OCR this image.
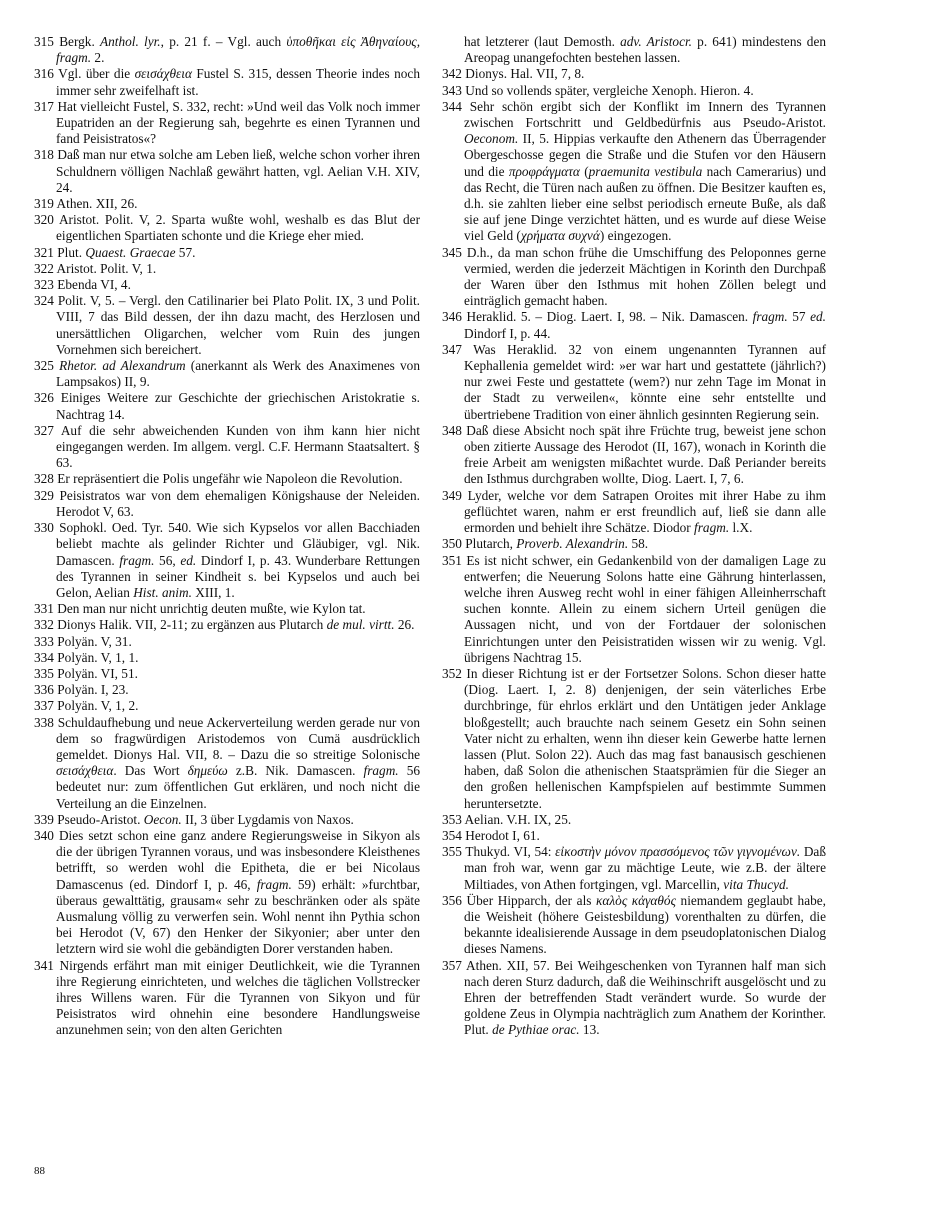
315 Bergk. Anthol. lyr., p. 21 f. – Vgl. auch ὑποθῆκαι εἰς Ἀθηναίους, fragm. 2.

316 Vgl. über die σεισάχθεια Fustel S. 315, dessen Theorie indes noch immer sehr zweifelhaft ist.

317 Hat vielleicht Fustel, S. 332, recht: »Und weil das Volk noch immer Eupatriden an der Regierung sah, begehrte es einen Tyrannen und fand Peisistratos«?

318 Daß man nur etwa solche am Leben ließ, welche schon vorher ihren Schuldnern völligen Nachlaß gewährt hatten, vgl. Aelian V.H. XIV, 24.

319 Athen. XII, 26.

320 Aristot. Polit. V, 2. Sparta wußte wohl, weshalb es das Blut der eigentlichen Spartiaten schonte und die Kriege eher mied.

321 Plut. Quaest. Graecae 57.

322 Aristot. Polit. V, 1.

323 Ebenda VI, 4.

324 Polit. V, 5. – Vergl. den Catilinarier bei Plato Polit. IX, 3 und Polit. VIII, 7 das Bild dessen, der ihn dazu macht, des Herzlosen und unersättlichen Oligarchen, welcher vom Ruin des jungen Vornehmen sich bereichert.

325 Rhetor. ad Alexandrum (anerkannt als Werk des Anaximenes von Lampsakos) II, 9.

326 Einiges Weitere zur Geschichte der griechischen Aristokratie s. Nachtrag 14.

327 Auf die sehr abweichenden Kunden von ihm kann hier nicht eingegangen werden. Im allgem. vergl. C.F. Hermann Staatsaltert. § 63.

328 Er repräsentiert die Polis ungefähr wie Napoleon die Revolution.

329 Peisistratos war von dem ehemaligen Königshause der Neleiden. Herodot V, 63.

330 Sophokl. Oed. Tyr. 540. Wie sich Kypselos vor allen Bacchiaden beliebt machte als gelinder Richter und Gläubiger, vgl. Nik. Damascen. fragm. 56, ed. Dindorf I, p. 43. Wunderbare Rettungen des Tyrannen in seiner Kindheit s. bei Kypselos und auch bei Gelon, Aelian Hist. anim. XIII, 1.

331 Den man nur nicht unrichtig deuten mußte, wie Kylon tat.

332 Dionys Halik. VII, 2-11; zu ergänzen aus Plutarch de mul. virtt. 26.

333 Polyän. V, 31.

334 Polyän. V, 1, 1.

335 Polyän. VI, 51.

336 Polyän. I, 23.

337 Polyän. V, 1, 2.

338 Schuldaufhebung und neue Ackerverteilung werden gerade nur von dem so fragwürdigen Aristodemos von Cumä ausdrücklich gemeldet. Dionys Hal. VII, 8. – Dazu die so streitige Solonische σεισάχθεια. Das Wort δημεύω z.B. Nik. Damascen. fragm. 56 bedeutet nur: zum öffentlichen Gut erklären, und noch nicht die Verteilung an die Einzelnen.

339 Pseudo-Aristot. Oecon. II, 3 über Lygdamis von Naxos.

340 Dies setzt schon eine ganz andere Regierungsweise in Sikyon als die der übrigen Tyrannen voraus, und was insbesondere Kleisthenes betrifft, so werden wohl die Epitheta, die er bei Nicolaus Damascenus (ed. Dindorf I, p. 46, fragm. 59) erhält: »furchtbar, überaus gewalttätig, grausam« sehr zu beschränken oder als späte Ausmalung völlig zu verwerfen sein. Wohl nennt ihn Pythia schon bei Herodot (V, 67) den Henker der Sikyonier; aber unter den letztern wird sie wohl die gebändigten Dorer verstanden haben.

341 Nirgends erfährt man mit einiger Deutlichkeit, wie die Tyrannen ihre Regierung einrichteten, und welches die täglichen Vollstrecker ihres Willens waren. Für die Tyrannen von Sikyon und für Peisistratos wird ohnehin eine besondere Handlungsweise anzunehmen sein; von den alten Gerichten

hat letzterer (laut Demosth. adv. Aristocr. p. 641) mindestens den Areopag unangefochten bestehen lassen.

342 Dionys. Hal. VII, 7, 8.

343 Und so vollends später, vergleiche Xenoph. Hieron. 4.

344 Sehr schön ergibt sich der Konflikt im Innern des Tyrannen zwischen Fortschritt und Geldbedürfnis aus Pseudo-Aristot. Oeconom. II, 5. Hippias verkaufte den Athenern das Überragender Obergeschosse gegen die Straße und die Stufen vor den Häusern und die προφράγματα (praemunita vestibula nach Camerarius) und das Recht, die Türen nach außen zu öffnen. Die Besitzer kauften es, d.h. sie zahlten lieber eine selbst periodisch erneute Buße, als daß sie auf jene Dinge verzichtet hätten, und es wurde auf diese Weise viel Geld (χρήματα συχνά) eingezogen.

345 D.h., da man schon frühe die Umschiffung des Peloponnes gerne vermied, werden die jederzeit Mächtigen in Korinth den Durchpaß der Waren über den Isthmus mit hohen Zöllen belegt und einträglich gemacht haben.

346 Heraklid. 5. – Diog. Laert. I, 98. – Nik. Damascen. fragm. 57 ed. Dindorf I, p. 44.

347 Was Heraklid. 32 von einem ungenannten Tyrannen auf Kephallenia gemeldet wird: »er war hart und gestattete (jährlich?) nur zwei Feste und gestattete (wem?) nur zehn Tage im Monat in der Stadt zu verweilen«, könnte eine sehr entstellte und übertriebene Tradition von einer ähnlich gesinnten Regierung sein.

348 Daß diese Absicht noch spät ihre Früchte trug, beweist jene schon oben zitierte Aussage des Herodot (II, 167), wonach in Korinth die freie Arbeit am wenigsten mißachtet wurde. Daß Periander bereits den Isthmus durchgraben wollte, Diog. Laert. I, 7, 6.

349 Lyder, welche vor dem Satrapen Oroites mit ihrer Habe zu ihm geflüchtet waren, nahm er erst freundlich auf, ließ sie dann alle ermorden und behielt ihre Schätze. Diodor fragm. l.X.

350 Plutarch, Proverb. Alexandrin. 58.

351 Es ist nicht schwer, ein Gedankenbild von der damaligen Lage zu entwerfen; die Neuerung Solons hatte eine Gährung hinterlassen, welche ihren Ausweg recht wohl in einer fähigen Alleinherrschaft suchen konnte. Allein zu einem sichern Urteil genügen die Aussagen nicht, und von der Fortdauer der solonischen Einrichtungen unter den Peisistratiden wissen wir zu wenig. Vgl. übrigens Nachtrag 15.

352 In dieser Richtung ist er der Fortsetzer Solons. Schon dieser hatte (Diog. Laert. I, 2. 8) denjenigen, der sein väterliches Erbe durchbringe, für ehrlos erklärt und den Untätigen jeder Anklage bloßgestellt; auch brauchte nach seinem Gesetz ein Sohn seinen Vater nicht zu erhalten, wenn ihn dieser kein Gewerbe hatte lernen lassen (Plut. Solon 22). Auch das mag fast banausisch geschienen haben, daß Solon die athenischen Staatsprämien für die Sieger an den großen hellenischen Kampfspielen auf bestimmte Summen heruntersetzte.

353 Aelian. V.H. IX, 25.

354 Herodot I, 61.

355 Thukyd. VI, 54: εἰκοστὴν μόνον πρασσόμενος τῶν γιγνομένων. Daß man froh war, wenn gar zu mächtige Leute, wie z.B. der ältere Miltiades, von Athen fortgingen, vgl. Marcellin, vita Thucyd.

356 Über Hipparch, der als καλὸς κἀγαθός niemandem geglaubt habe, die Weisheit (höhere Geistesbildung) vorenthalten zu dürfen, die bekannte idealisierende Aussage in dem pseudoplatonischen Dialog dieses Namens.

357 Athen. XII, 57. Bei Weihgeschenken von Tyrannen half man sich nach deren Sturz dadurch, daß die Weihinschrift ausgelöscht und zu Ehren der betreffenden Stadt verändert wurde. So wurde der goldene Zeus in Olympia nachträglich zum Anathem der Korinther. Plut. de Pythiae orac. 13.

88
